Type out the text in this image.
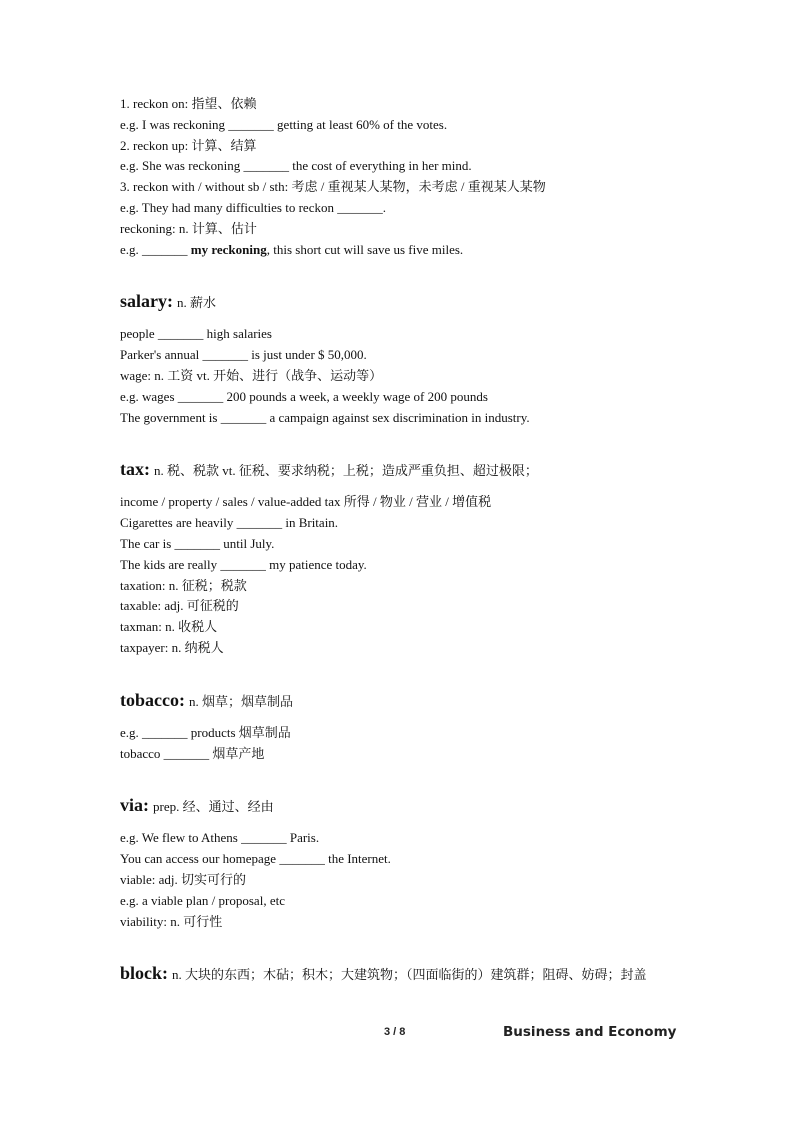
1. reckon on: 指望、依赖
e.g. I was reckoning _______ getting at least 60% of the votes.
2. reckon up: 计算、结算
e.g. She was reckoning _______ the cost of everything in her mind.
3. reckon with / without sb / sth: 考虑 / 重视某人某物，未考虑 / 重视某人某物
e.g. They had many difficulties to reckon _______.
reckoning: n. 计算、估计
e.g. _______ my reckoning, this short cut will save us five miles.
salary: n. 薪水
people _______ high salaries
Parker's annual _______ is just under $ 50,000.
wage: n. 工资 vt. 开始、进行（战争、运动等）
e.g. wages _______ 200 pounds a week, a weekly wage of 200 pounds
The government is _______ a campaign against sex discrimination in industry.
tax: n. 税、税款 vt. 征税、要求纳税；上税；造成严重负担、超过极限；
income / property / sales / value-added tax 所得 / 物业 / 营业 / 增值税
Cigarettes are heavily _______ in Britain.
The car is _______ until July.
The kids are really _______ my patience today.
taxation: n. 征税；税款
taxable: adj. 可征税的
taxman: n. 收税人
taxpayer: n. 纳税人
tobacco: n. 烟草；烟草制品
e.g. _______ products 烟草制品
tobacco _______ 烟草产地
via: prep. 经、通过、经由
e.g. We flew to Athens _______ Paris.
You can access our homepage _______ the Internet.
viable: adj. 切实可行的
e.g. a viable plan / proposal, etc
viability: n. 可行性
block: n. 大块的东西；木砧；积木；大建筑物；（四面临街的）建筑群；阻碍、妨碍；封盖
3 / 8	Business and Economy
